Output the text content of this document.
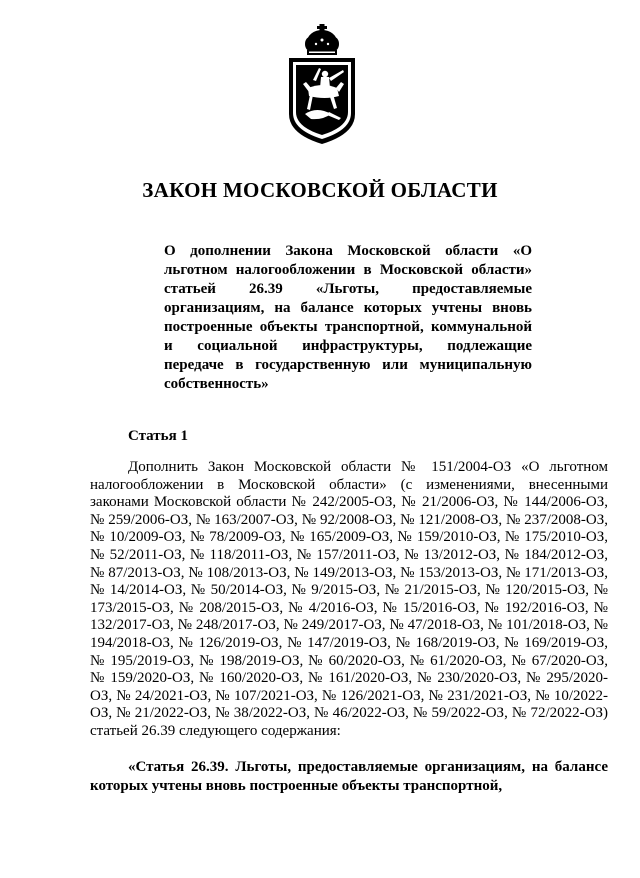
ЗАКОН МОСКОВСКОЙ ОБЛАСТИ
О дополнении Закона Московской области «О льготном налогообложении в Московской области» статьей 26.39 «Льготы, предоставляемые организациям, на балансе которых учтены вновь построенные объекты транспортной, коммунальной и социальной инфраструктуры, подлежащие передаче в государственную или муниципальную собственность»
Статья 1

Дополнить Закон Московской области № 151/2004-ОЗ «О льготном налогообложении в Московской области» (с изменениями, внесенными законами Московской области № 242/2005-ОЗ, № 21/2006-ОЗ, № 144/2006-ОЗ, № 259/2006-ОЗ, № 163/2007-ОЗ, № 92/2008-ОЗ, № 121/2008-ОЗ, № 237/2008-ОЗ, № 10/2009-ОЗ, № 78/2009-ОЗ, № 165/2009-ОЗ, № 159/2010-ОЗ, № 175/2010-ОЗ, № 52/2011-ОЗ, № 118/2011-ОЗ, № 157/2011-ОЗ, № 13/2012-ОЗ, № 184/2012-ОЗ, № 87/2013-ОЗ, № 108/2013-ОЗ, № 149/2013-ОЗ, № 153/2013-ОЗ, № 171/2013-ОЗ, № 14/2014-ОЗ, № 50/2014-ОЗ, № 9/2015-ОЗ, № 21/2015-ОЗ, № 120/2015-ОЗ, № 173/2015-ОЗ, № 208/2015-ОЗ, № 4/2016-ОЗ, № 15/2016-ОЗ, № 192/2016-ОЗ, № 132/2017-ОЗ, № 248/2017-ОЗ, № 249/2017-ОЗ, № 47/2018-ОЗ, № 101/2018-ОЗ, № 194/2018-ОЗ, № 126/2019-ОЗ, № 147/2019-ОЗ, № 168/2019-ОЗ, № 169/2019-ОЗ, № 195/2019-ОЗ, № 198/2019-ОЗ, № 60/2020-ОЗ, № 61/2020-ОЗ, № 67/2020-ОЗ, № 159/2020-ОЗ, № 160/2020-ОЗ, № 161/2020-ОЗ, № 230/2020-ОЗ, № 295/2020-ОЗ, № 24/2021-ОЗ, № 107/2021-ОЗ, № 126/2021-ОЗ, № 231/2021-ОЗ, № 10/2022-ОЗ, № 21/2022-ОЗ, № 38/2022-ОЗ, № 46/2022-ОЗ, № 59/2022-ОЗ, № 72/2022-ОЗ) статьей 26.39 следующего содержания:

«Статья 26.39. Льготы, предоставляемые организациям, на балансе которых учтены вновь построенные объекты транспортной,
